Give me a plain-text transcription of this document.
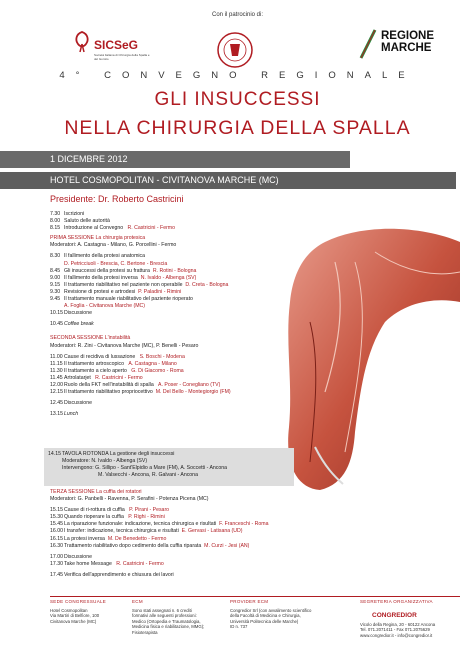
Con il patrocinio di:
SICSeG
Società Italiana di Chirurgia della Spalla e del Gomito
REGIONE
MARCHE
4° CONVEGNO REGIONALE
GLI INSUCCESSI
NELLA CHIRURGIA DELLA SPALLA
1 DICEMBRE 2012
HOTEL COSMOPOLITAN - CIVITANOVA MARCHE (MC)
Presidente: Dr. Roberto Castricini
7.30 Iscrizioni
8.00 Saluto delle autorità
8.15 Introduzione al Convegno
R. Castricini - Fermo
PRIMA SESSIONE La chirurgia protesica
Moderatori: A. Castagna - Milano, G. Porcellini - Fermo
8.30 Il fallimento della protesi anatomica
D. Petricciuoli - Brescia, C. Bertone - Brescia
8.45 Gli insuccessi della protesi su frattura
R. Rotini - Bologna
9.00 Il fallimento della protesi inversa
N. Ivaldo - Albenga (SV)
9.15 Il trattamento riabilitativo nel paziente non operabile
D. Creta - Bologna
9.30 Revisione di protesi e artrodesi
P. Paladini - Rimini
9.45 Il trattamento manuale riabilitativo del paziente rioperato
A. Foglia - Civitanova Marche (MC)
10.15 Discussione
10.45 Coffee break
SECONDA SESSIONE L'instabilità
Moderatori: R. Zini - Civitanova Marche (MC), P. Benelli - Pesaro
11.00 Cause di recidiva di lussazione
S. Boschi - Modena
11.15 Il trattamento artroscopico
A. Castagna - Milano
11.30 Il trattamento a cielo aperto
G. Di Giacomo - Roma
11.45 Artrolatarjet
R. Castricini - Fermo
12.00 Ruolo della FKT nell'instabilità di spalla
A. Poser - Conegliano (TV)
12.15 Il trattamento riabilitativo propriocettivo
M. Del Bello - Montegiorgio (FM)
12.45 Discussione
13.15 Lunch
14.15 TAVOLA ROTONDA La gestione degli insuccessi
Moderatore: N. Ivaldo - Albenga (SV)
Intervengono: G. Sillipo - Sant'Elpidio a Mare (FM), A. Soccetti - Ancona
M. Valsecchi - Ancona, R. Galvani - Ancona
TERZA SESSIONE La cuffia dei rotatori
Moderatori: G. Panbelli - Ravenna, P. Serafini - Potenza Picena (MC)
15.15 Cause di ri-rottura di cuffia
P. Pirani - Pesaro
15.30 Quando rioperare la cuffia
P. Righi - Rimini
15.45 La riparazione funzionale: indicazione, tecnica chirurgica e risultati
F. Franceschi - Roma
16.00 I transfer: indicazione, tecnica chirurgica e risultati
E. Gervasi - Latisana (UD)
16.15 La protesi inversa
M. De Benedetto - Fermo
16.30 Trattamento riabilitativo dopo cedimento della cuffia riparata
M. Curzi - Jesi (AN)
17.00 Discussione
17.30 Take home Message
R. Castricini - Fermo
17.45 Verifica dell'apprendimento e chiusura dei lavori
SEDE CONGRESSUALE
Hotel Cosmopolitan
Via Martiri di Belfiore, 100
Civitanova Marche (MC)
ECM
Sono stati assegnati n. 6 crediti
formativi alle seguenti professioni:
Medico (Ortopedia e Traumatologia,
Medicina fisica e riabilitazione, MMG);
Fisioterapista
PROVIDER ECM
Congredior Srl (con avvalimento scientifico
della Facoltà di Medicina e Chirurgia,
Università Politecnica delle Marche)
ID n. 737
SEGRETERIA ORGANIZZATIVA
Vicolo della Regina, 20 - 60122 Ancona
Tel. 071.2071411 - Fax 071.2075629
www.congredior.it - info@congredior.it
CONGREDIOR
